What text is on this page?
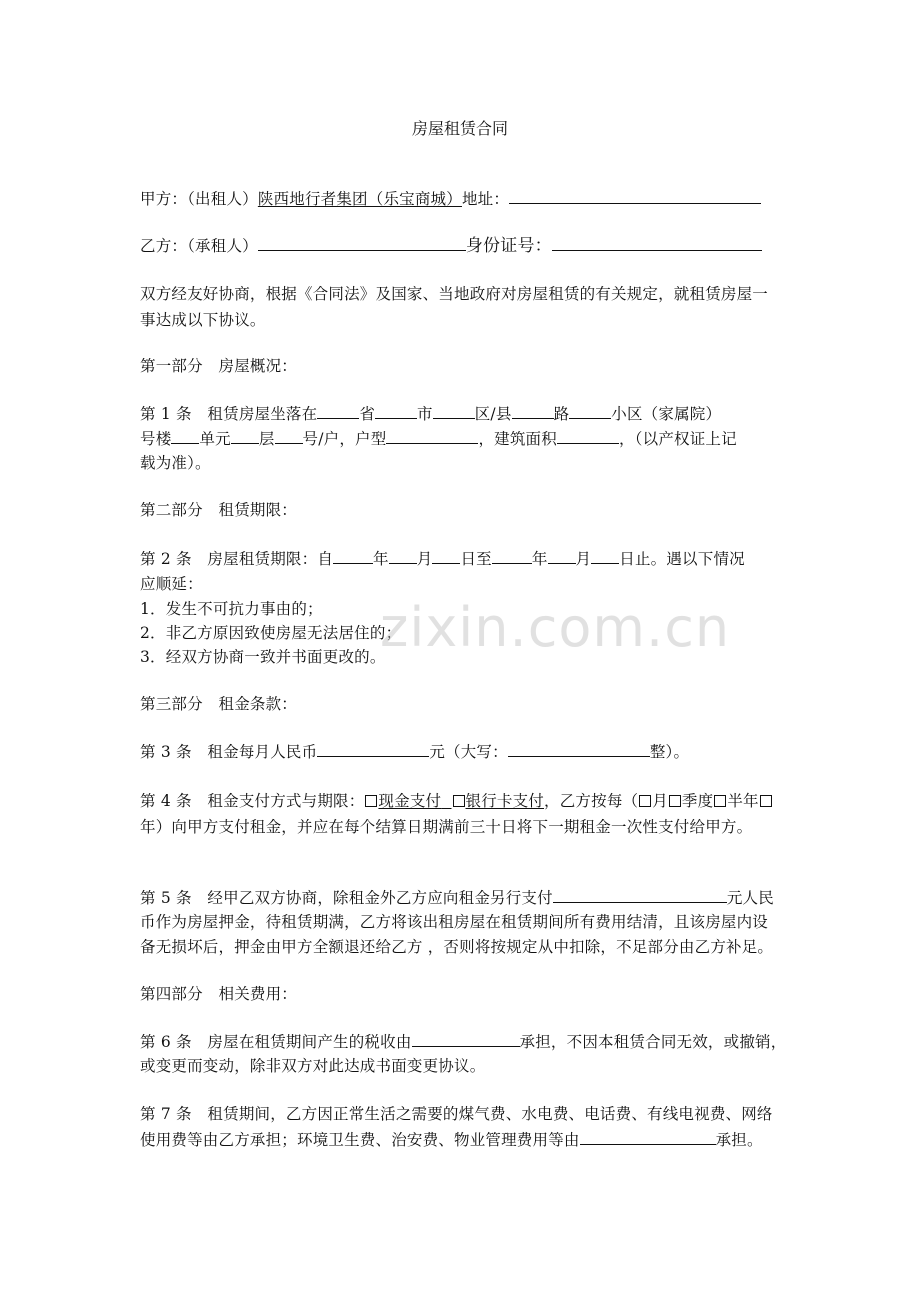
房屋租赁合同
甲方：（出租人）陕西地行者集团（乐宝商城）地址：
乙方：（承租人）	身份证号：
双方经友好协商，根据《合同法》及国家、当地政府对房屋租赁的有关规定，就租赁房屋一
事达成以下协议。
第一部分　房屋概况：
第 1 条　租赁房屋坐落在	省	市	区/县	路	小区（家属院）
号楼 单元 层 号/户，户型	，建筑面积	，（以产权证上记
载为准）。
第二部分　租赁期限：
第 2 条　房屋租赁期限：自	年 月 日至	年 月 日止。遇以下情况
应顺延：
1．发生不可抗力事由的；
2．非乙方原因致使房屋无法居住的；
3．经双方协商一致并书面更改的。
第三部分　租金条款：
第 3 条　租金每月人民币	元（大写：	整）。
第 4 条　租金支付方式与期限： 现金支付 银行卡支付，乙方按每（ 月 季度 半年
年）向甲方支付租金，并应在每个结算日期满前三十日将下一期租金一次性支付给甲方。
第 5 条　经甲乙双方协商，除租金外乙方应向租金另行支付	元人民
币作为房屋押金，待租赁期满，乙方将该出租房屋在租赁期间所有费用结清，且该房屋内设
备无损坏后，押金由甲方全额退还给乙方 ，否则将按规定从中扣除，不足部分由乙方补足。
第四部分　相关费用：
第 6 条　房屋在租赁期间产生的税收由	承担，不因本租赁合同无效，或撤销，
或变更而变动，除非双方对此达成书面变更协议。
第 7 条　租赁期间，乙方因正常生活之需要的煤气费、水电费、电话费、有线电视费、网络
使用费等由乙方承担；环境卫生费、治安费、物业管理费用等由	承担。
zixin.com.cn
